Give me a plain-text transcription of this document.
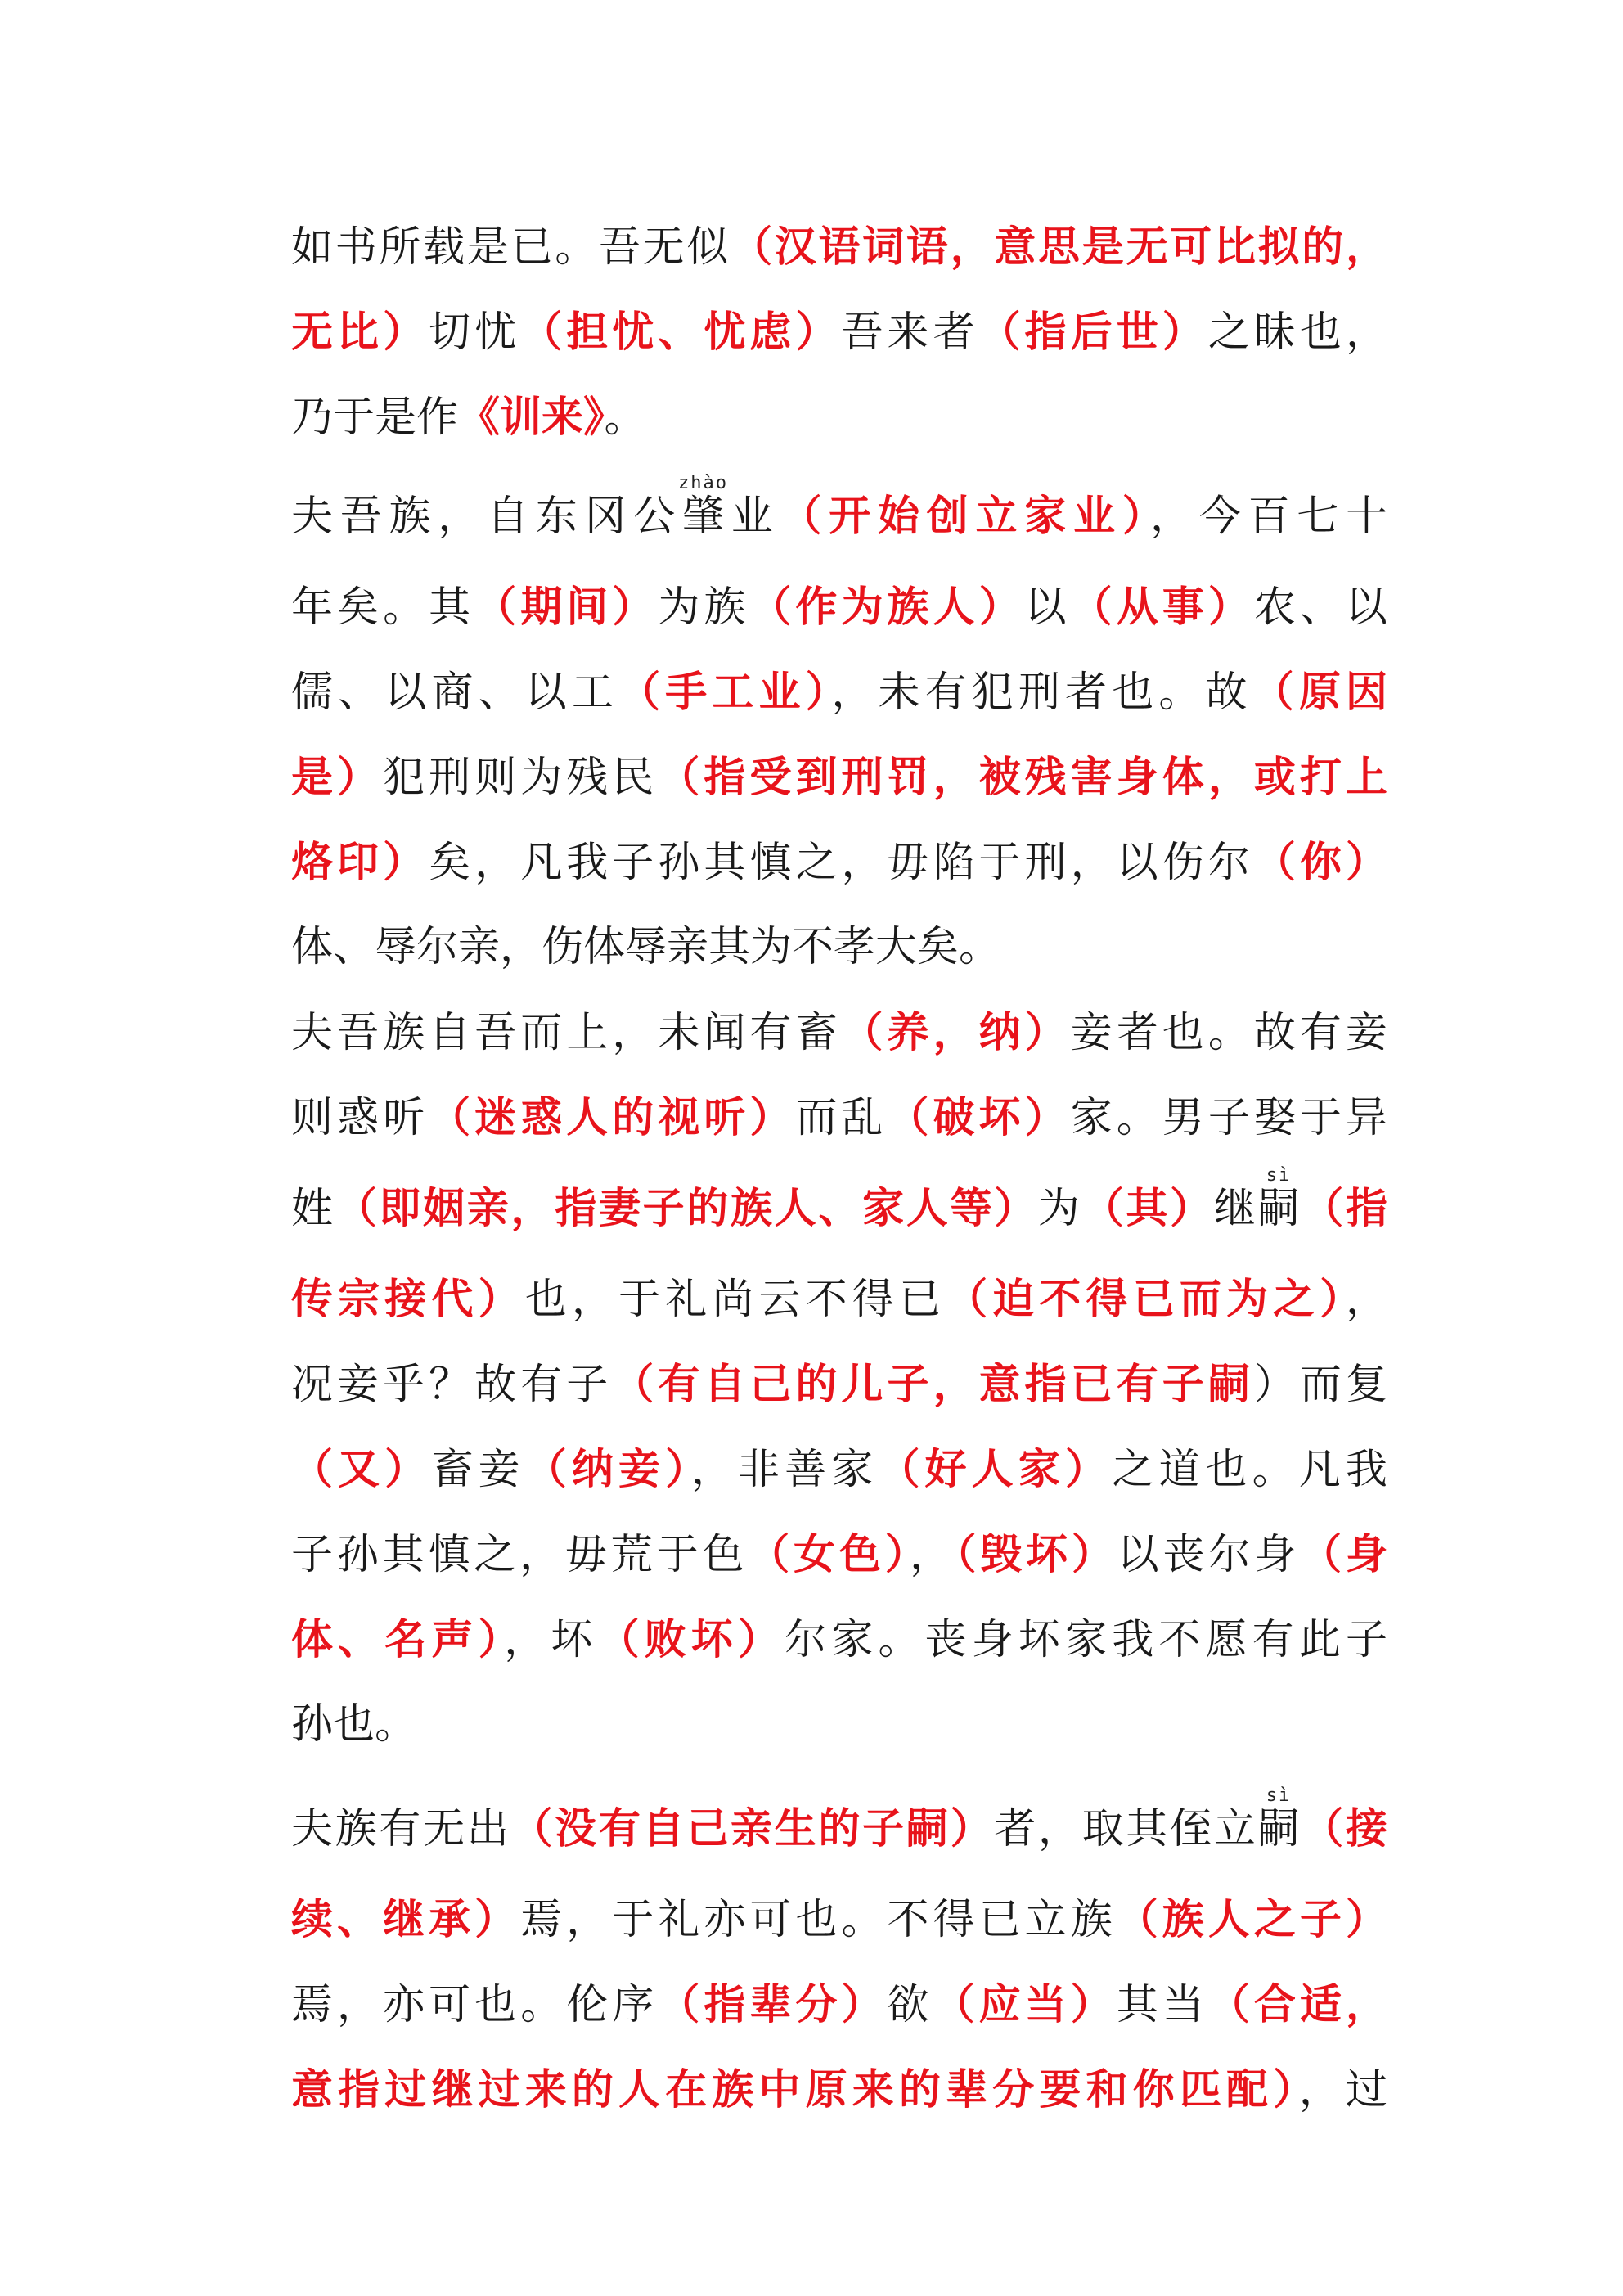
如书所载是已。吾无似（汉语词语，意思是无可比拟的，
无比）切忧（担忧、忧虑）吾来者（指后世）之昧也，
乃于是作《训来》。
夫吾族，自东冈公肇zhào业（开始创立家业），今百七十
年矣。其（期间）为族（作为族人）以（从事）农、以
儒、以商、以工（手工业），未有犯刑者也。故（原因
是）犯刑则为残民（指受到刑罚，被残害身体，或打上
烙印）矣，凡我子孙其慎之，毋陷于刑，以伤尔（你）
体、辱尔亲，伤体辱亲其为不孝大矣。
夫吾族自吾而上，未闻有畜（养，纳）妾者也。故有妾
则惑听（迷惑人的视听）而乱（破坏）家。男子娶于异
姓（即姻亲，指妻子的族人、家人等）为（其）继嗣sì（指
传宗接代）也，于礼尚云不得已（迫不得已而为之），
况妾乎？故有子（有自己的儿子，意指已有子嗣）而复
（又）畜妾（纳妾），非善家（好人家）之道也。凡我
子孙其慎之，毋荒于色（女色），（毁坏）以丧尔身（身
体、名声），坏（败坏）尔家。丧身坏家我不愿有此子
孙也。
夫族有无出（没有自己亲生的子嗣）者，取其侄立嗣sì（接
续、继承）焉，于礼亦可也。不得已立族（族人之子）
焉，亦可也。伦序（指辈分）欲（应当）其当（合适，
意指过继过来的人在族中原来的辈分要和你匹配），过
